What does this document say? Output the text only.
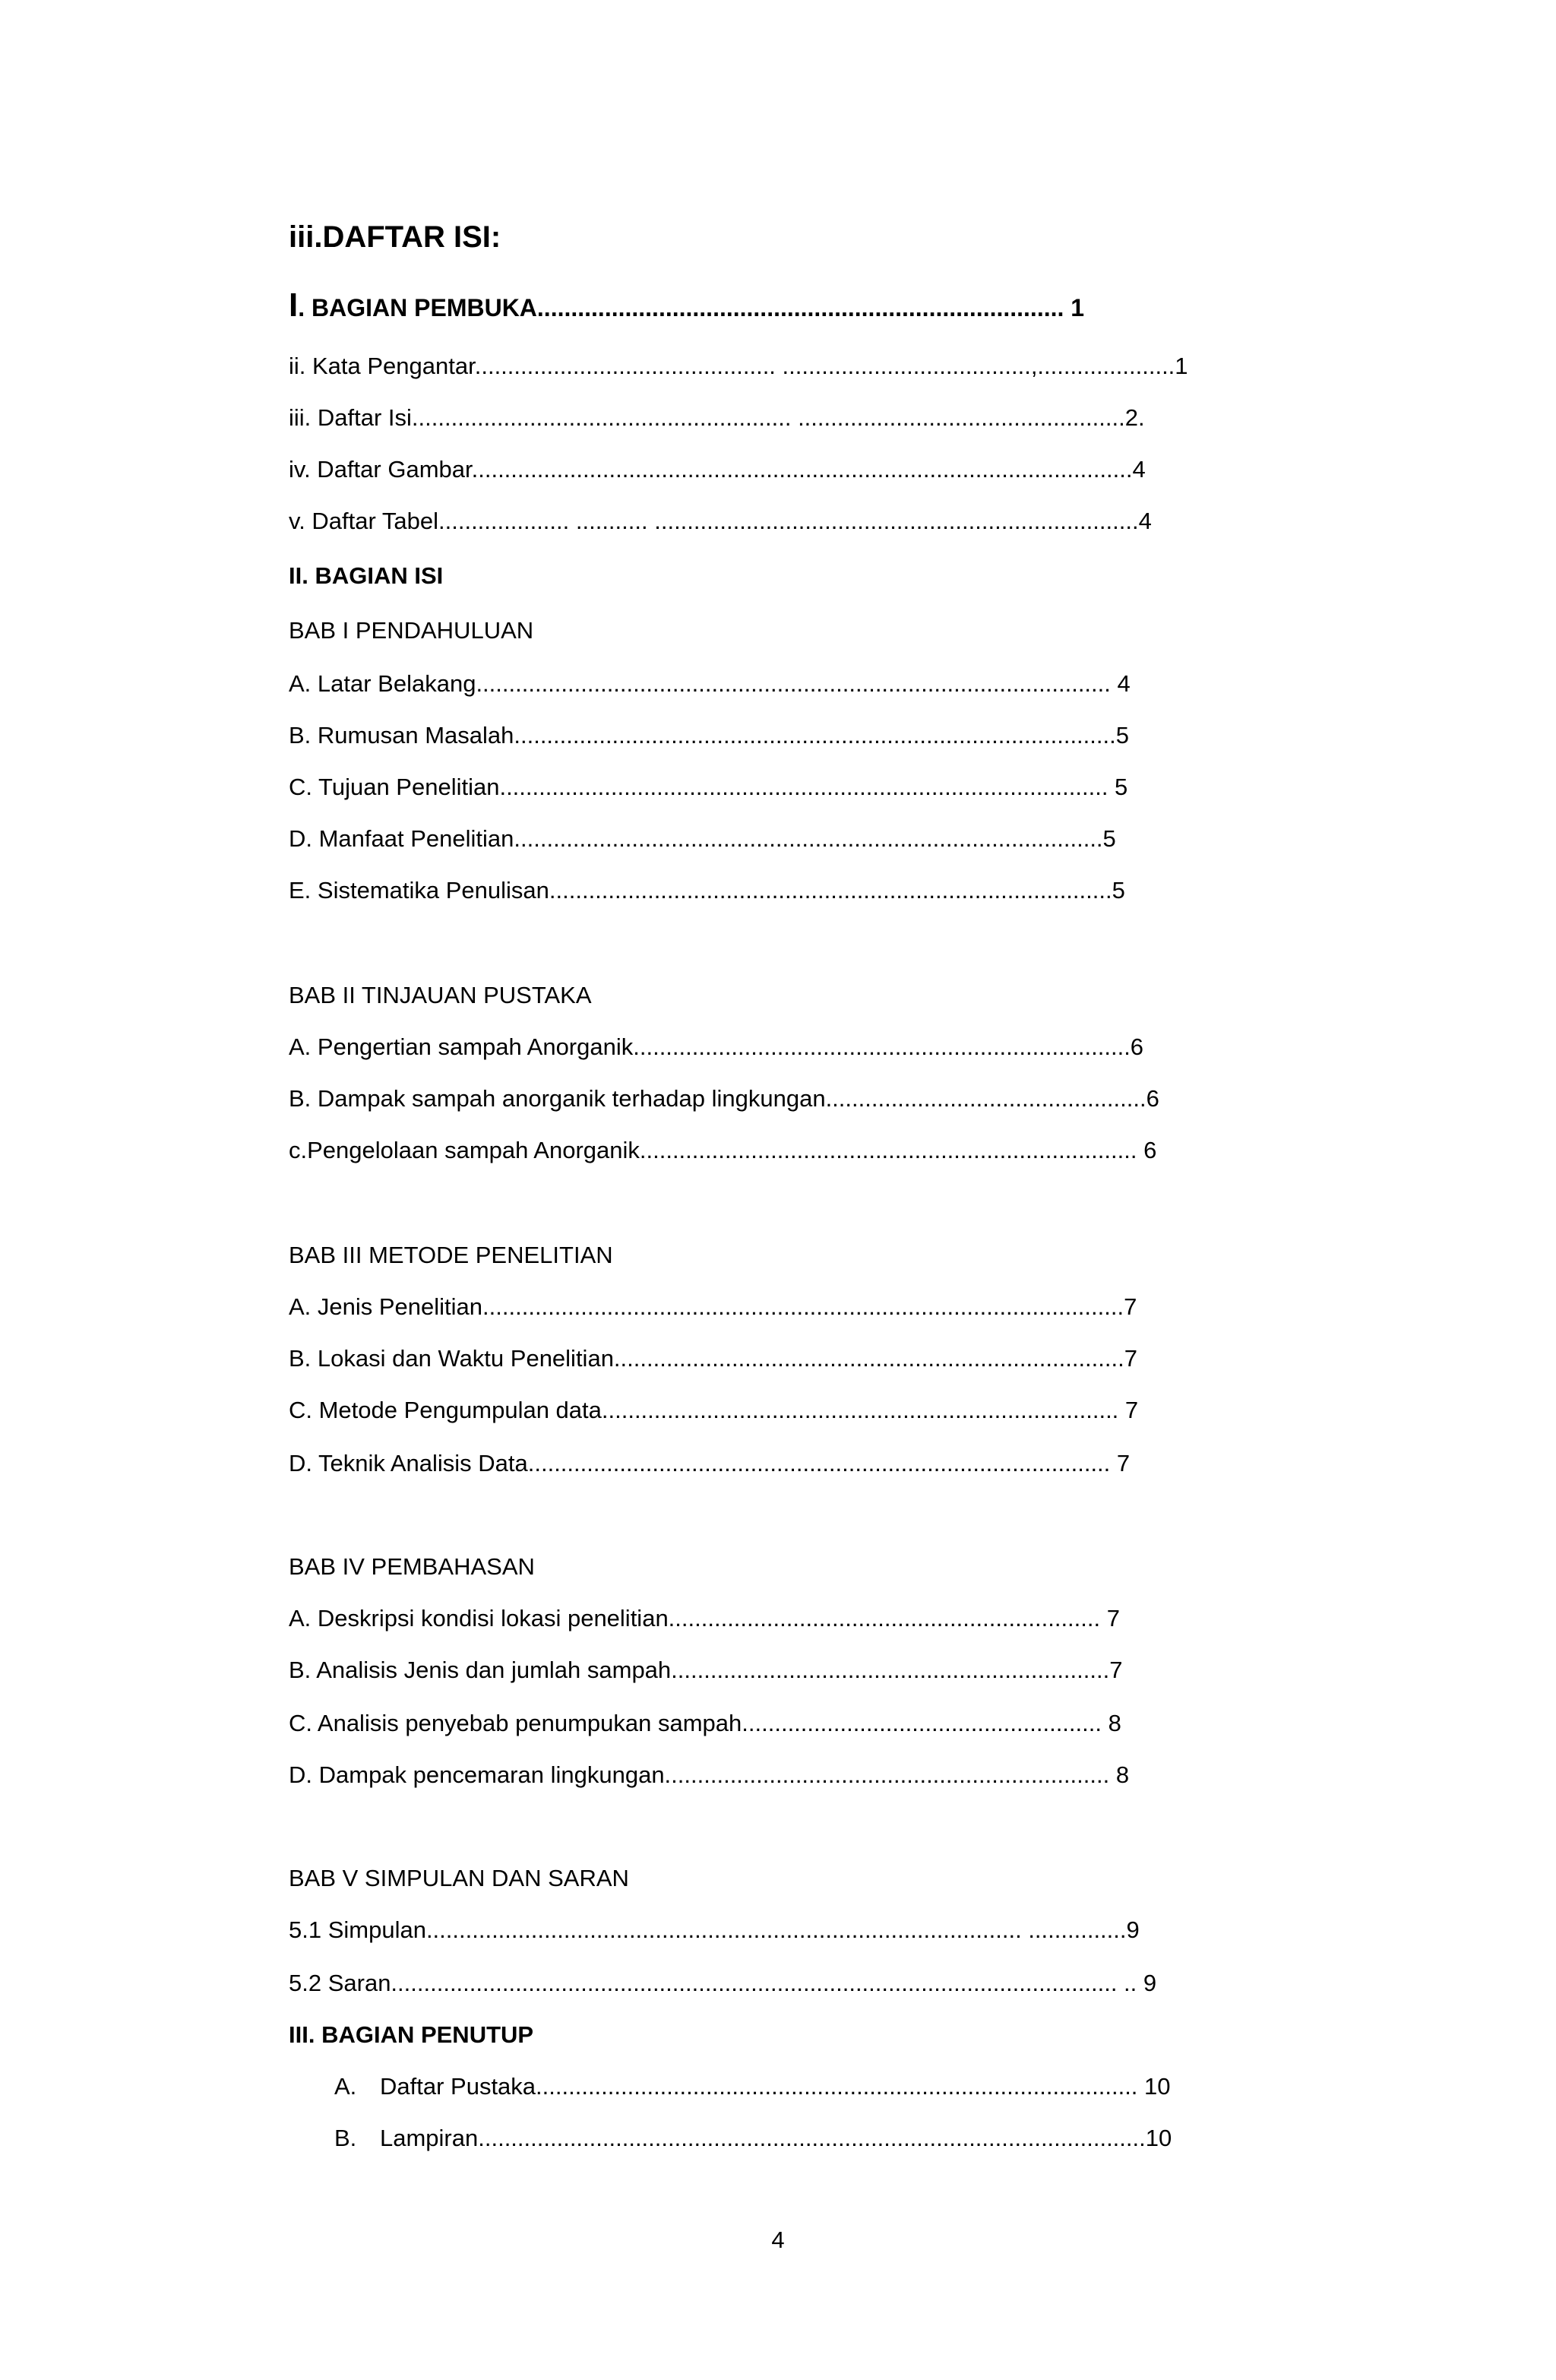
iii.DAFTAR ISI:
I. BAGIAN PEMBUKA.............................................................................. 1
ii. Kata Pengantar.............................................. ......................................,.....................1
iii. Daftar Isi.......................................................... ..................................................2.
iv. Daftar Gambar.....................................................................................................4
v. Daftar Tabel.................... ........... ..........................................................................4
II. BAGIAN ISI
BAB I PENDAHULUAN
A. Latar Belakang................................................................................................. 4
B. Rumusan Masalah............................................................................................5
C. Tujuan Penelitian............................................................................................. 5
D. Manfaat Penelitian..........................................................................................5
E. Sistematika Penulisan......................................................................................5
BAB II TINJAUAN PUSTAKA
A. Pengertian sampah Anorganik............................................................................6
B. Dampak sampah anorganik terhadap lingkungan.................................................6
c.Pengelolaan sampah Anorganik............................................................................ 6
BAB III METODE PENELITIAN
A. Jenis Penelitian..................................................................................................7
B. Lokasi dan Waktu Penelitian..............................................................................7
C. Metode Pengumpulan data............................................................................... 7
D. Teknik Analisis Data......................................................................................... 7
BAB IV PEMBAHASAN
A. Deskripsi kondisi lokasi penelitian.................................................................. 7
B. Analisis Jenis dan jumlah sampah...................................................................7
C. Analisis penyebab penumpukan sampah....................................................... 8
D. Dampak pencemaran lingkungan.................................................................... 8
BAB V SIMPULAN DAN SARAN
5.1 Simpulan........................................................................................... ...............9
5.2 Saran............................................................................................................... .. 9
III. BAGIAN PENUTUP
A. Daftar Pustaka............................................................................................ 10
B. Lampiran......................................................................................................10
4
